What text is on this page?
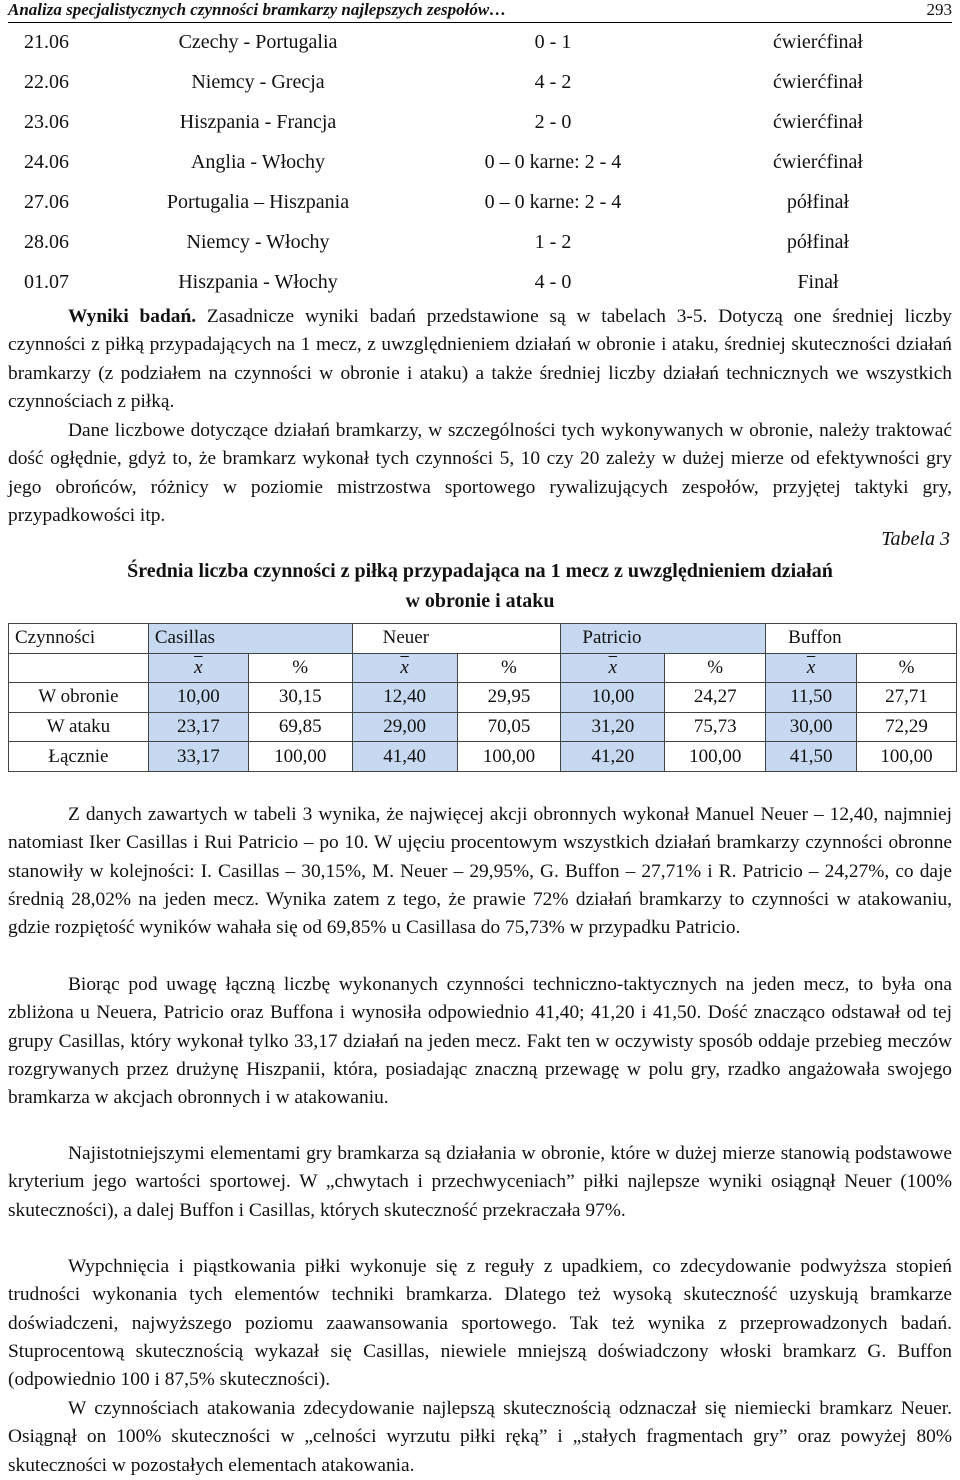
Analiza specjalistycznych czynności bramkarzy najlepszych zespołów…	293
21.06	Czechy - Portugalia	0 - 1	ćwierćfinał
22.06	Niemcy - Grecja	4 - 2	ćwierćfinał
23.06	Hiszpania - Francja	2 - 0	ćwierćfinał
24.06	Anglia - Włochy	0 – 0 karne: 2 - 4	ćwierćfinał
27.06	Portugalia – Hiszpania	0 – 0 karne: 2 - 4	półfinał
28.06	Niemcy - Włochy	1 - 2	półfinał
01.07	Hiszpania - Włochy	4 - 0	Finał

Wyniki badań. Zasadnicze wyniki badań przedstawione są w tabelach 3-5. Dotyczą one średniej liczby czynności z piłką przypadających na 1 mecz, z uwzględnieniem działań w obronie i ataku, średniej skuteczności działań bramkarzy (z podziałem na czynności w obronie i ataku) a także średniej liczby działań technicznych we wszystkich czynnościach z piłką.

Dane liczbowe dotyczące działań bramkarzy, w szczególności tych wykonywanych w obronie, należy traktować dość ogłędnie, gdyż to, że bramkarz wykonał tych czynności 5, 10 czy 20 zależy w dużej mierze od efektywności gry jego obrońców, różnicy w poziomie mistrzostwa sportowego rywalizujących zespołów, przyjętej taktyki gry, przypadkowości itp.

Tabela 3
Średnia liczba czynności z piłką przypadająca na 1 mecz z uwzględnieniem działań
w obronie i ataku
Czynności	Casillas		Neuer		Patricio		Buffon	
	$\overline{x}$	%	$\overline{x}$	%	$\overline{x}$	%	$\overline{x}$	%
W obronie	10,00	30,15	12,40	29,95	10,00	24,27	11,50	27,71
W ataku	23,17	69,85	29,00	70,05	31,20	75,73	30,00	72,29
Łącznie	33,17	100,00	41,40	100,00	41,20	100,00	41,50	100,00

Z danych zawartych w tabeli 3 wynika, że najwięcej akcji obronnych wykonał Manuel Neuer – 12,40, najmniej natomiast Iker Casillas i Rui Patricio – po 10. W ujęciu procentowym wszystkich działań bramkarzy czynności obronne stanowiły w kolejności: I. Casillas – 30,15%, M. Neuer – 29,95%, G. Buffon – 27,71% i R. Patricio – 24,27%, co daje średnią 28,02% na jeden mecz. Wynika zatem z tego, że prawie 72% działań bramkarzy to czynności w atakowaniu, gdzie rozpiętość wyników wahała się od 69,85% u Casillasa do 75,73% w przypadku Patricio.

Biorąc pod uwagę łączną liczbę wykonanych czynności techniczno-taktycznych na jeden mecz, to była ona zbliżona u Neuera, Patricio oraz Buffona i wynosiła odpowiednio 41,40; 41,20 i 41,50. Dość znacząco odstawał od tej grupy Casillas, który wykonał tylko 33,17 działań na jeden mecz. Fakt ten w oczywisty sposób oddaje przebieg meczów rozgrywanych przez drużynę Hiszpanii, która, posiadając znaczną przewagę w polu gry, rzadko angażowała swojego bramkarza w akcjach obronnych i w atakowaniu.

Najistotniejszymi elementami gry bramkarza są działania w obronie, które w dużej mierze stanowią podstawowe kryterium jego wartości sportowej. W „chwytach i przechwyceniach” piłki najlepsze wyniki osiągnął Neuer (100% skuteczności), a dalej Buffon i Casillas, których skuteczność przekraczała 97%.

Wypchnięcia i piąstkowania piłki wykonuje się z reguły z upadkiem, co zdecydowanie podwyższa stopień trudności wykonania tych elementów techniki bramkarza. Dlatego też wysoką skuteczność uzyskują bramkarze doświadczeni, najwyższego poziomu zaawansowania sportowego. Tak też wynika z przeprowadzonych badań. Stuprocentową skutecznością wykazał się Casillas, niewiele mniejszą doświadczony włoski bramkarz G. Buffon (odpowiednio 100 i 87,5% skuteczności).

W czynnościach atakowania zdecydowanie najlepszą skutecznością odznaczał się niemiecki bramkarz Neuer. Osiągnął on 100% skuteczności w „celności wyrzutu piłki ręką” i „stałych fragmentach gry” oraz powyżej 80% skuteczności w pozostałych elementach atakowania.
